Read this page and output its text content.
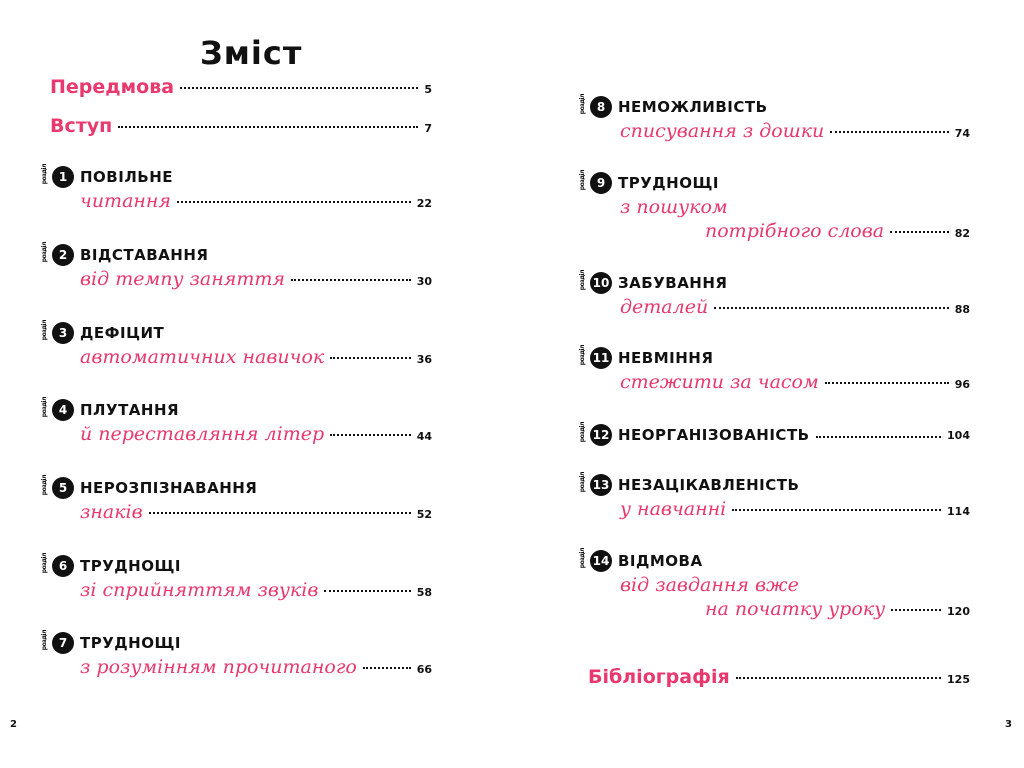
Зміст
Передмова	5
Вступ	7
розділ 1 ПОВІЛЬНЕ
читання	22
розділ 2 ВІДСТАВАННЯ
від темпу заняття	30
розділ 3 ДЕФІЦИТ
автоматичних навичок	36
розділ 4 ПЛУТАННЯ
й переставляння літер	44
розділ 5 НЕРОЗПІЗНАВАННЯ
знаків	52
розділ 6 ТРУДНОЩІ
зі сприйняттям звуків	58
розділ 7 ТРУДНОЩІ
з розумінням прочитаного	66
2
розділ 8 НЕМОЖЛИВІСТЬ
списування з дошки	74
розділ 9 ТРУДНОЩІ
з пошуком
потрібного слова	82
розділ 10 ЗАБУВАННЯ
деталей	88
розділ 11 НЕВМІННЯ
стежити за часом	96
розділ 12 НЕОРГАНІЗОВАНІСТЬ	104
розділ 13 НЕЗАЦІКАВЛЕНІСТЬ
у навчанні	114
розділ 14 ВІДМОВА
від завдання вже
на початку уроку	120
Бібліографія	125
3
